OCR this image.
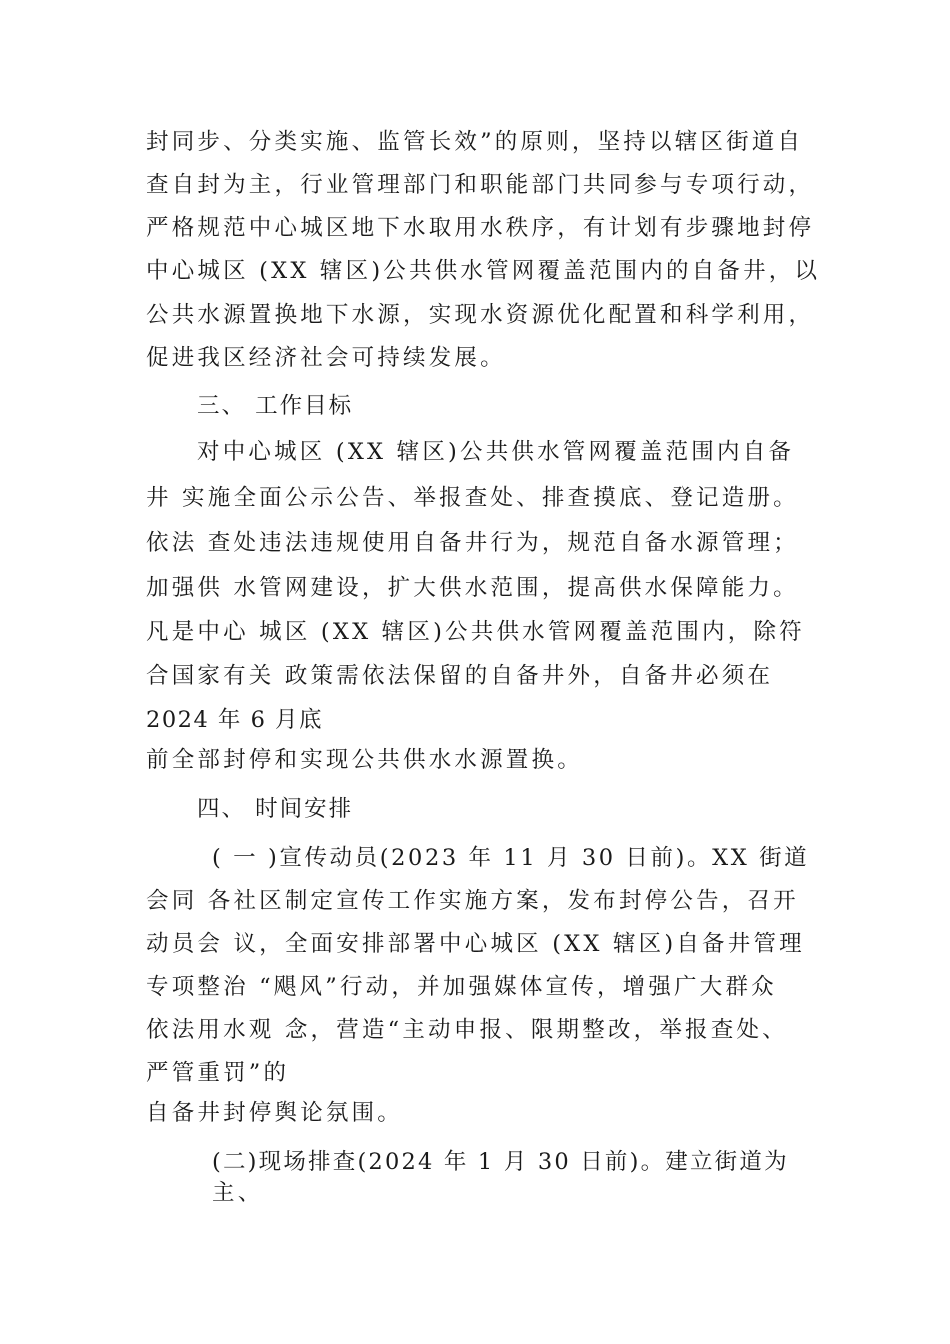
封同步、分类实施、监管长效”的原则，坚持以辖区街道自
查自封为主，行业管理部门和职能部门共同参与专项行动，
严格规范中心城区地下水取用水秩序，有计划有步骤地封停
中心城区 (XX 辖区)公共供水管网覆盖范围内的自备井，以
公共水源置换地下水源，实现水资源优化配置和科学利用，
促进我区经济社会可持续发展。
三、 工作目标
对中心城区 (XX 辖区)公共供水管网覆盖范围内自备
井 实施全面公示公告、举报查处、排查摸底、登记造册。
依法 查处违法违规使用自备井行为，规范自备水源管理；
加强供 水管网建设，扩大供水范围，提高供水保障能力。
凡是中心 城区 (XX 辖区)公共供水管网覆盖范围内，除符
合国家有关 政策需依法保留的自备井外，自备井必须在
2024 年 6 月底
前全部封停和实现公共供水水源置换。
四、 时间安排
( 一 )宣传动员(2023 年 11 月 30 日前)。XX 街道
会同 各社区制定宣传工作实施方案，发布封停公告，召开
动员会 议，全面安排部署中心城区 (XX 辖区)自备井管理
专项整治 “飓风”行动，并加强媒体宣传，增强广大群众
依法用水观 念，营造“主动申报、限期整改，举报查处、
严管重罚”的
自备井封停舆论氛围。
(二)现场排查(2024 年 1 月 30 日前)。建立街道为
主、
